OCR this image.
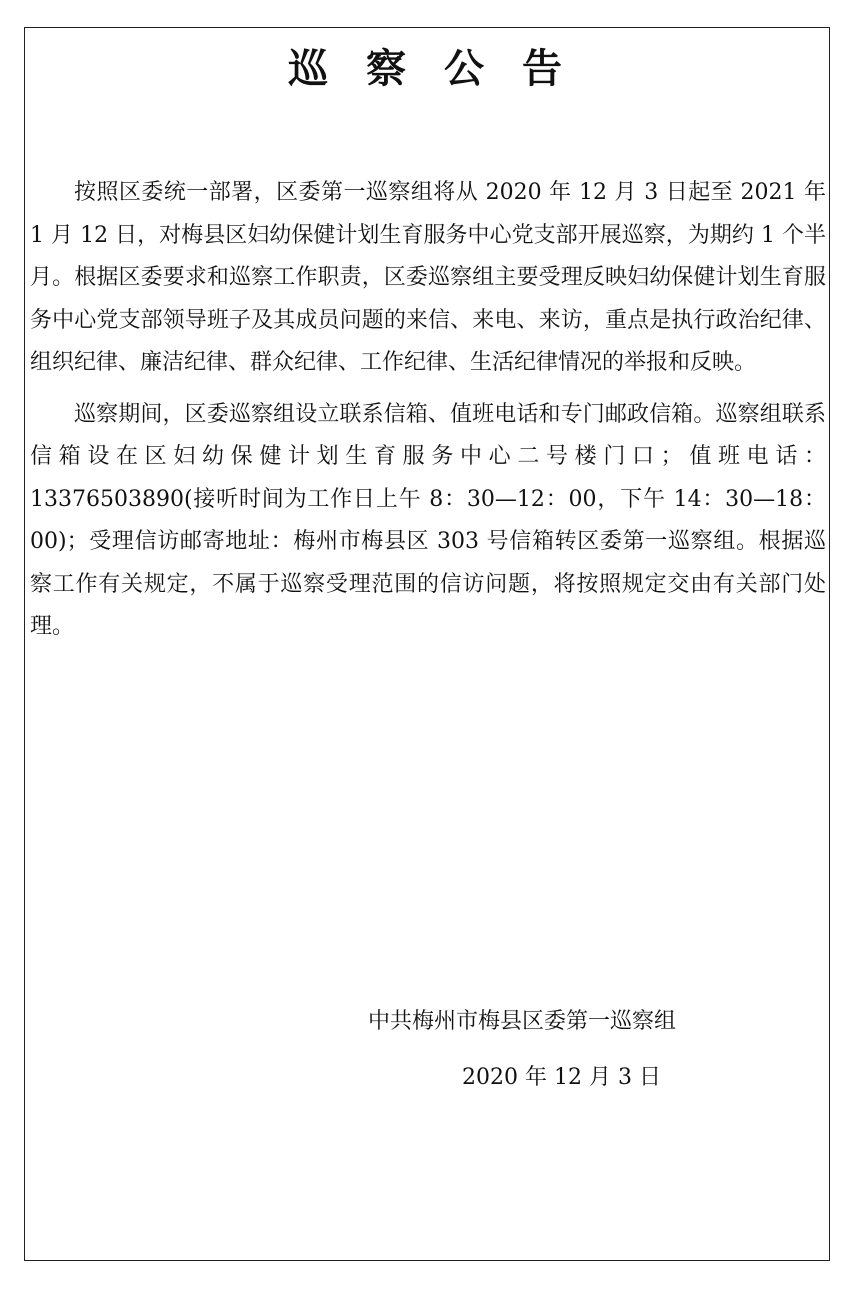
巡察公告

按照区委统一部署，区委第一巡察组将从 2020 年 12 月 3 日起至 2021 年 1 月 12 日，对梅县区妇幼保健计划生育服务中心党支部开展巡察，为期约 1 个半月。根据区委要求和巡察工作职责，区委巡察组主要受理反映妇幼保健计划生育服务中心党支部领导班子及其成员问题的来信、来电、来访，重点是执行政治纪律、组织纪律、廉洁纪律、群众纪律、工作纪律、生活纪律情况的举报和反映。

巡察期间，区委巡察组设立联系信箱、值班电话和专门邮政信箱。巡察组联系信箱设在区妇幼保健计划生育服务中心二号楼门口；值班电话：13376503890(接听时间为工作日上午 8：30—12：00，下午 14：30—18：00)；受理信访邮寄地址：梅州市梅县区 303 号信箱转区委第一巡察组。根据巡察工作有关规定，不属于巡察受理范围的信访问题，将按照规定交由有关部门处理。

中共梅州市梅县区委第一巡察组
2020 年 12 月 3 日
